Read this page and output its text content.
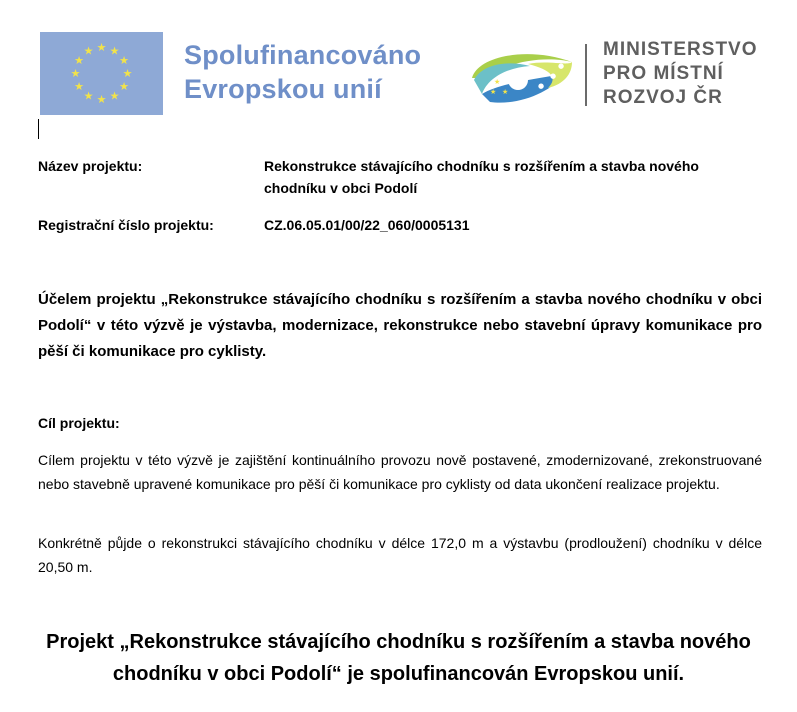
★ ★
★
★
★
★
★
★
★
★
★
★	Spolufinancováno
Evropskou unií	★
★
★
●
●
●
MINISTERSTVO
PRO MÍSTNÍ
ROZVOJ ČR
Název projektu:	Rekonstrukce stávajícího chodníku s rozšířením a stavba nového chodníku v obci Podolí
Registrační číslo projektu:	CZ.06.05.01/00/22_060/0005131
Účelem projektu „Rekonstrukce stávajícího chodníku s rozšířením a stavba nového chodníku v obci Podolí“ v této výzvě je výstavba, modernizace, rekonstrukce nebo stavební úpravy komunikace pro pěší či komunikace pro cyklisty.
Cíl projektu:
Cílem projektu v této výzvě je zajištění kontinuálního provozu nově postavené, zmodernizované, zrekonstruované nebo stavebně upravené komunikace pro pěší či komunikace pro cyklisty od data ukončení realizace projektu.
Konkrétně půjde o rekonstrukci stávajícího chodníku v délce 172,0 m a výstavbu (prodloužení) chodníku v délce 20,50 m.
Projekt „Rekonstrukce stávajícího chodníku s rozšířením a stavba nového chodníku v obci Podolí“ je spolufinancován Evropskou unií.
